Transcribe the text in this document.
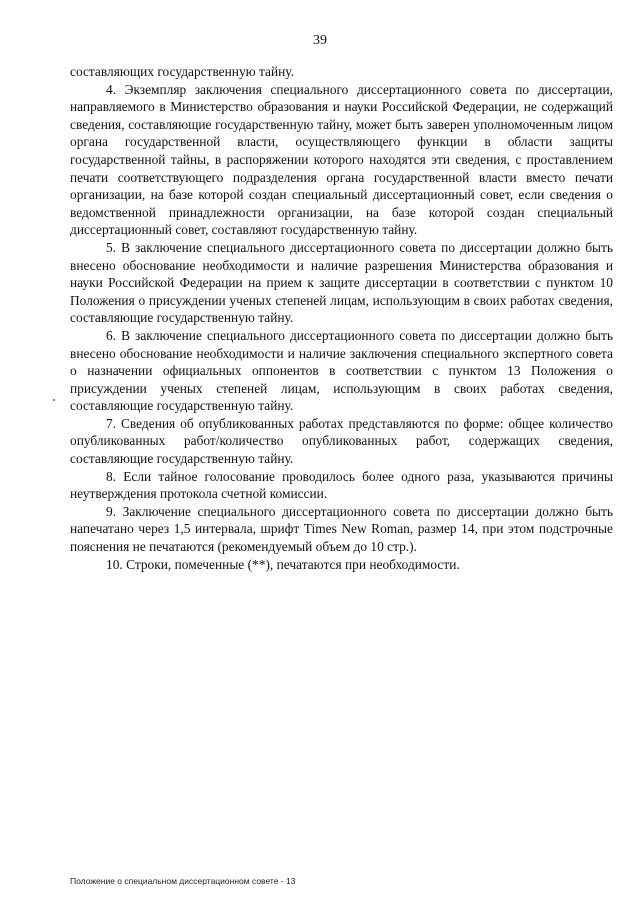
39

составляющих государственную тайну.

4. Экземпляр заключения специального диссертационного совета по диссертации, направляемого в Министерство образования и науки Российской Федерации, не содержащий сведения, составляющие государственную тайну, может быть заверен уполномоченным лицом органа государственной власти, осуществляющего функции в области защиты государственной тайны, в распоряжении которого находятся эти сведения, с проставлением печати соответствующего подразделения органа государственной власти вместо печати организации, на базе которой создан специальный диссертационный совет, если сведения о ведомственной принадлежности организации, на базе которой создан специальный диссертационный совет, составляют государственную тайну.

5. В заключение специального диссертационного совета по диссертации должно быть внесено обоснование необходимости и наличие разрешения Министерства образования и науки Российской Федерации на прием к защите диссертации в соответствии с пунктом 10 Положения о присуждении ученых степеней лицам, использующим в своих работах сведения, составляющие государственную тайну.

6. В заключение специального диссертационного совета по диссертации должно быть внесено обоснование необходимости и наличие заключения специального экспертного совета о назначении официальных оппонентов в соответствии с пунктом 13 Положения о присуждении ученых степеней лицам, использующим в своих работах сведения, составляющие государственную тайну.

7. Сведения об опубликованных работах представляются по форме: общее количество опубликованных работ/количество опубликованных работ, содержащих сведения, составляющие государственную тайну.

8. Если тайное голосование проводилось более одного раза, указываются причины неутверждения протокола счетной комиссии.

9. Заключение специального диссертационного совета по диссертации должно быть напечатано через 1,5 интервала, шрифт Times New Roman, размер 14, при этом подстрочные пояснения не печатаются (рекомендуемый объем до 10 стр.).

10. Строки, помеченные (**), печатаются при необходимости.

Положение о специальном диссертационном совете - 13
